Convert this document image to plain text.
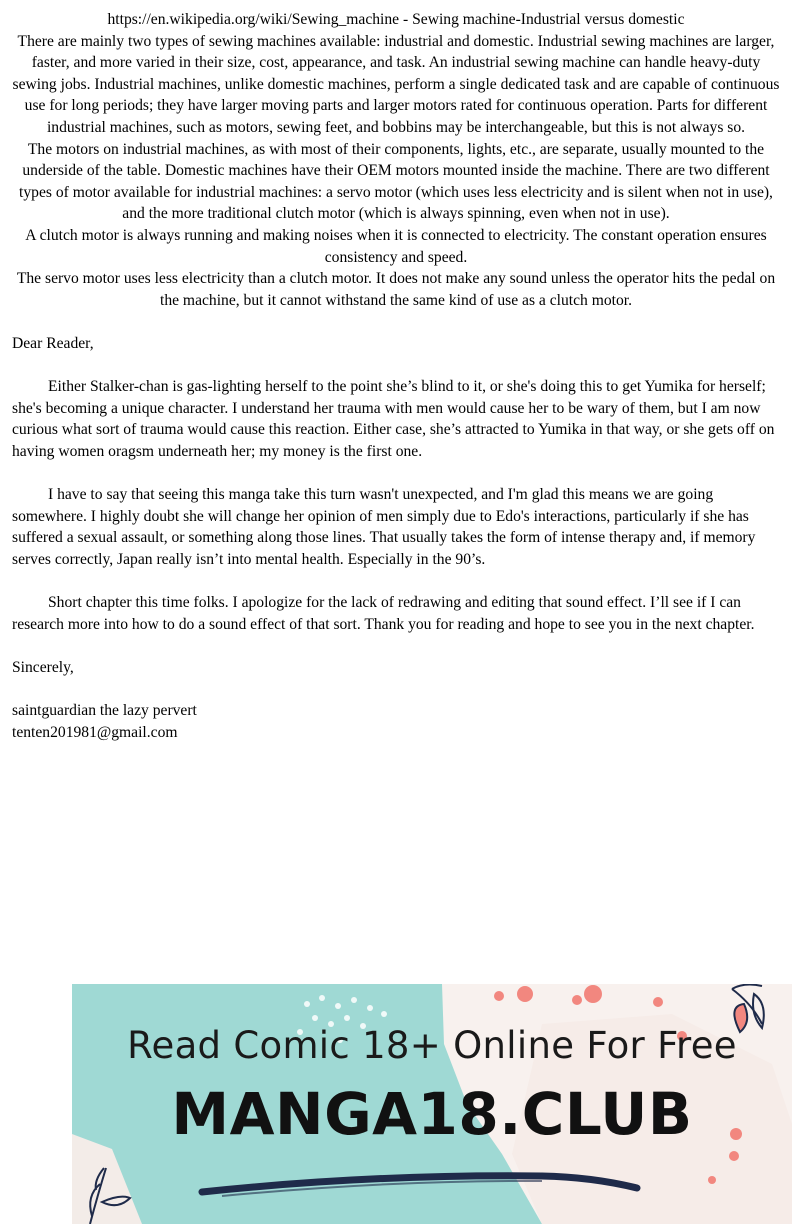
https://en.wikipedia.org/wiki/Sewing_machine - Sewing machine-Industrial versus domestic

There are mainly two types of sewing machines available: industrial and domestic. Industrial sewing machines are larger, faster, and more varied in their size, cost, appearance, and task. An industrial sewing machine can handle heavy-duty sewing jobs. Industrial machines, unlike domestic machines, perform a single dedicated task and are capable of continuous use for long periods; they have larger moving parts and larger motors rated for continuous operation. Parts for different industrial machines, such as motors, sewing feet, and bobbins may be interchangeable, but this is not always so.

The motors on industrial machines, as with most of their components, lights, etc., are separate, usually mounted to the underside of the table. Domestic machines have their OEM motors mounted inside the machine. There are two different types of motor available for industrial machines: a servo motor (which uses less electricity and is silent when not in use), and the more traditional clutch motor (which is always spinning, even when not in use).

A clutch motor is always running and making noises when it is connected to electricity. The constant operation ensures consistency and speed.

The servo motor uses less electricity than a clutch motor. It does not make any sound unless the operator hits the pedal on the machine, but it cannot withstand the same kind of use as a clutch motor.

Dear Reader,

Either Stalker-chan is gas-lighting herself to the point she’s blind to it, or she's doing this to get Yumika for herself; she's becoming a unique character. I understand her trauma with men would cause her to be wary of them, but I am now curious what sort of trauma would cause this reaction. Either case, she’s attracted to Yumika in that way, or she gets off on having women oragsm underneath her; my money is the first one.

I have to say that seeing this manga take this turn wasn't unexpected, and I'm glad this means we are going somewhere. I highly doubt she will change her opinion of men simply due to Edo's interactions, particularly if she has suffered a sexual assault, or something along those lines. That usually takes the form of intense therapy and, if memory serves correctly, Japan really isn’t into mental health. Especially in the 90’s.

Short chapter this time folks. I apologize for the lack of redrawing and editing that sound effect. I’ll see if I can research more into how to do a sound effect of that sort. Thank you for reading and hope to see you in the next chapter.

Sincerely,

saintguardian the lazy pervert

tenten201981@gmail.com

Read Comic 18+ Online For Free
MANGA18.CLUB
